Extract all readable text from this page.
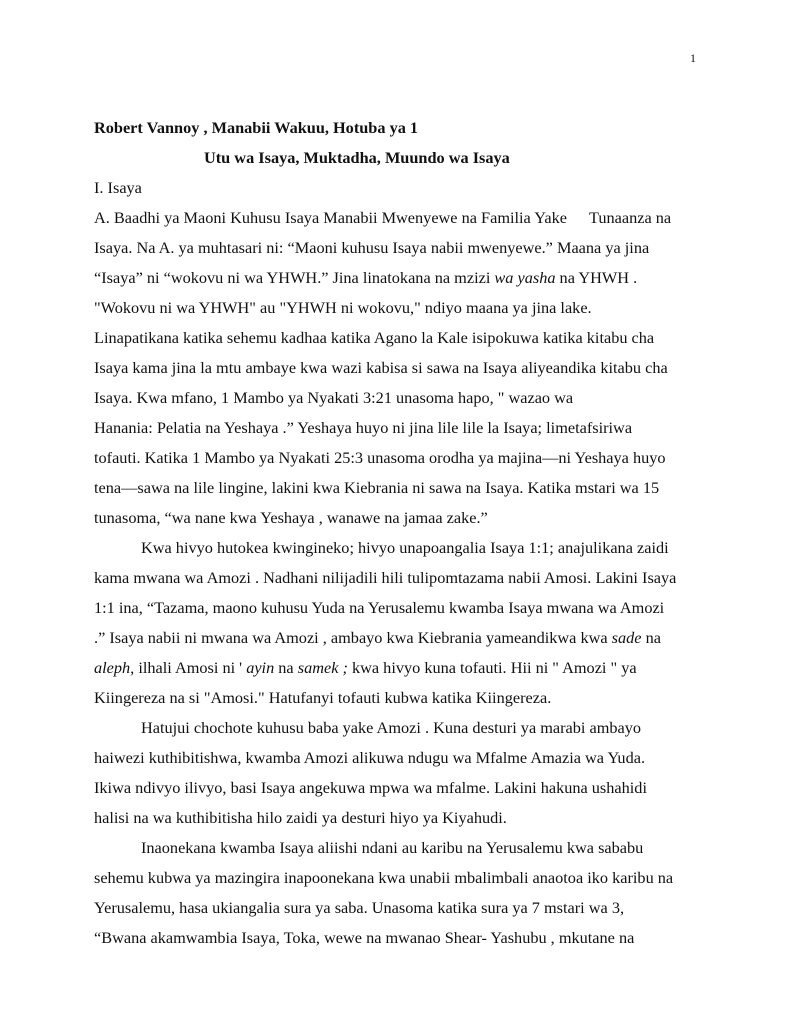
1
Robert Vannoy , Manabii Wakuu, Hotuba ya 1
Utu wa Isaya, Muktadha, Muundo wa Isaya
I. Isaya
A. Baadhi ya Maoni Kuhusu Isaya Manabii Mwenyewe na Familia Yake Tunaanza na
Isaya. Na A. ya muhtasari ni: “Maoni kuhusu Isaya nabii mwenyewe.” Maana ya jina
“Isaya” ni “wokovu ni wa YHWH.” Jina linatokana na mzizi wa yasha na YHWH .
"Wokovu ni wa YHWH" au "YHWH ni wokovu," ndiyo maana ya jina lake.
Linapatikana katika sehemu kadhaa katika Agano la Kale isipokuwa katika kitabu cha
Isaya kama jina la mtu ambaye kwa wazi kabisa si sawa na Isaya aliyeandika kitabu cha
Isaya. Kwa mfano, 1 Mambo ya Nyakati 3:21 unasoma hapo, " wazao wa
Hanania: Pelatia na Yeshaya .” Yeshaya huyo ni jina lile lile la Isaya; limetafsiriwa
tofauti. Katika 1 Mambo ya Nyakati 25:3 unasoma orodha ya majina—ni Yeshaya huyo
tena—sawa na lile lingine, lakini kwa Kiebrania ni sawa na Isaya. Katika mstari wa 15
tunasoma, “wa nane kwa Yeshaya , wanawe na jamaa zake.”
Kwa hivyo hutokea kwingineko; hivyo unapoangalia Isaya 1:1; anajulikana zaidi
kama mwana wa Amozi . Nadhani nilijadili hili tulipomtazama nabii Amosi. Lakini Isaya
1:1 ina, “Tazama, maono kuhusu Yuda na Yerusalemu kwamba Isaya mwana wa Amozi
.” Isaya nabii ni mwana wa Amozi , ambayo kwa Kiebrania yameandikwa kwa sade na
aleph, ilhali Amosi ni ' ayin na samek ; kwa hivyo kuna tofauti. Hii ni " Amozi " ya
Kiingereza na si "Amosi." Hatufanyi tofauti kubwa katika Kiingereza.
Hatujui chochote kuhusu baba yake Amozi . Kuna desturi ya marabi ambayo
haiwezi kuthibitishwa, kwamba Amozi alikuwa ndugu wa Mfalme Amazia wa Yuda.
Ikiwa ndivyo ilivyo, basi Isaya angekuwa mpwa wa mfalme. Lakini hakuna ushahidi
halisi na wa kuthibitisha hilo zaidi ya desturi hiyo ya Kiyahudi.
Inaonekana kwamba Isaya aliishi ndani au karibu na Yerusalemu kwa sababu
sehemu kubwa ya mazingira inapoonekana kwa unabii mbalimbali anaotoa iko karibu na
Yerusalemu, hasa ukiangalia sura ya saba. Unasoma katika sura ya 7 mstari wa 3,
“Bwana akamwambia Isaya, Toka, wewe na mwanao Shear- Yashubu , mkutane na
